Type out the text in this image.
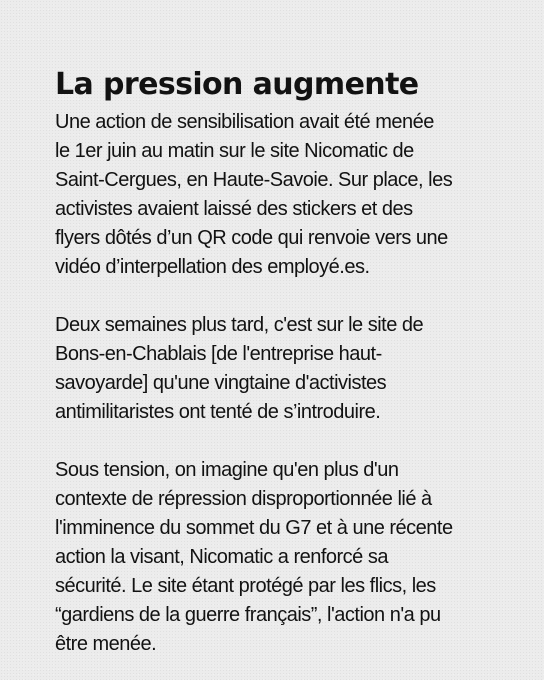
La pression augmente

Une action de sensibilisation avait été menée
le 1er juin au matin sur le site Nicomatic de
Saint-Cergues, en Haute-Savoie. Sur place, les
activistes avaient laissé des stickers et des
flyers dôtés d’un QR code qui renvoie vers une
vidéo d’interpellation des employé.es.

Deux semaines plus tard, c'est sur le site de
Bons-en-Chablais [de l'entreprise haut-
savoyarde] qu'une vingtaine d'activistes
antimilitaristes ont tenté de s’introduire.

Sous tension, on imagine qu'en plus d'un
contexte de répression disproportionnée lié à
l'imminence du sommet du G7 et à une récente
action la visant, Nicomatic a renforcé sa
sécurité. Le site étant protégé par les flics, les
“gardiens de la guerre français”, l'action n'a pu
être menée.
